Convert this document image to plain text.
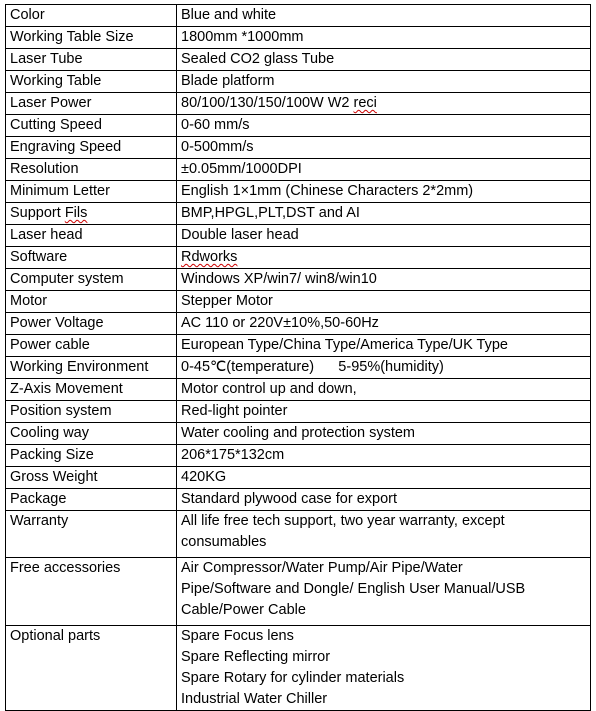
Color	Blue and white
Working Table Size	1800mm *1000mm
Laser Tube	Sealed CO2 glass Tube
Working Table	Blade platform
Laser Power	80/100/130/150/100W W2 reci
Cutting Speed	0-60 mm/s
Engraving Speed	0-500mm/s
Resolution	±0.05mm/1000DPI
Minimum Letter	English 1×1mm (Chinese Characters 2*2mm)
Support Fils	BMP,HPGL,PLT,DST and AI
Laser head	Double laser head
Software	Rdworks
Computer system	Windows XP/win7/ win8/win10
Motor	Stepper Motor
Power Voltage	AC 110 or 220V±10%,50-60Hz
Power cable	European Type/China Type/America Type/UK Type
Working Environment	0-45℃(temperature)      5-95%(humidity)
Z-Axis Movement	Motor control up and down,
Position system	Red-light pointer
Cooling way	Water cooling and protection system
Packing Size	206*175*132cm
Gross Weight	420KG
Package	Standard plywood case for export
Warranty	All life free tech support, two year warranty, except
consumables

Free accessories	Air Compressor/Water Pump/Air Pipe/Water
Pipe/Software and Dongle/ English User Manual/USB
Cable/Power Cable

Optional parts	Spare Focus lens
Spare Reflecting mirror
Spare Rotary for cylinder materials
Industrial Water Chiller
